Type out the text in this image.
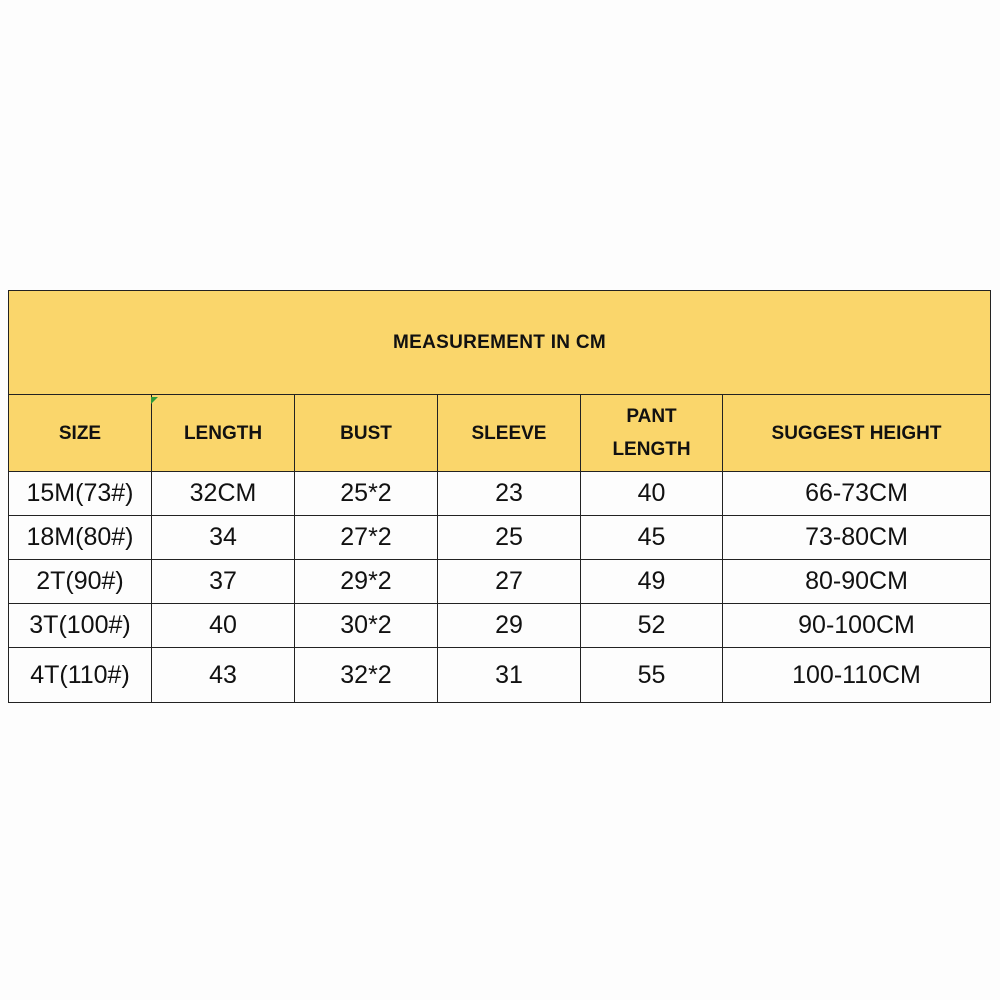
MEASUREMENT IN CM					
SIZE	LENGTH	BUST	SLEEVE	PANT LENGTH	SUGGEST HEIGHT
15M(73#)	32CM	25*2	23	40	66-73CM
18M(80#)	34	27*2	25	45	73-80CM
2T(90#)	37	29*2	27	49	80-90CM
3T(100#)	40	30*2	29	52	90-100CM
4T(110#)	43	32*2	31	55	100-110CM
